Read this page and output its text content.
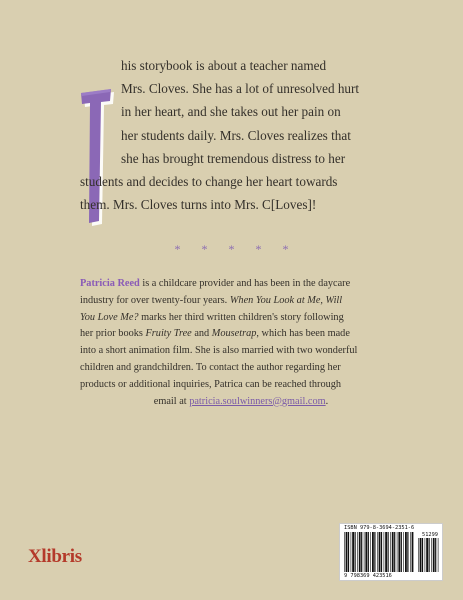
his storybook is about a teacher named
Mrs. Cloves. She has a lot of unresolved hurt
in her heart, and she takes out her pain on
her students daily. Mrs. Cloves realizes that
she has brought tremendous distress to her
students and decides to change her heart towards
them. Mrs. Cloves turns into Mrs. C[Loves]!
* * * * *
Patricia Reed is a childcare provider and has been in the daycare
industry for over twenty-four years. When You Look at Me, Will
You Love Me? marks her third written children's story following
her prior books Fruity Tree and Mousetrap, which has been made
into a short animation film. She is also married with two wonderful
children and grandchildren. To contact the author regarding her
products or additional inquiries, Patrica can be reached through
email at patricia.soulwinners@gmail.com.
Xlibris
ISBN 979-8-3694-2351-6
51299
9 798369 423516
